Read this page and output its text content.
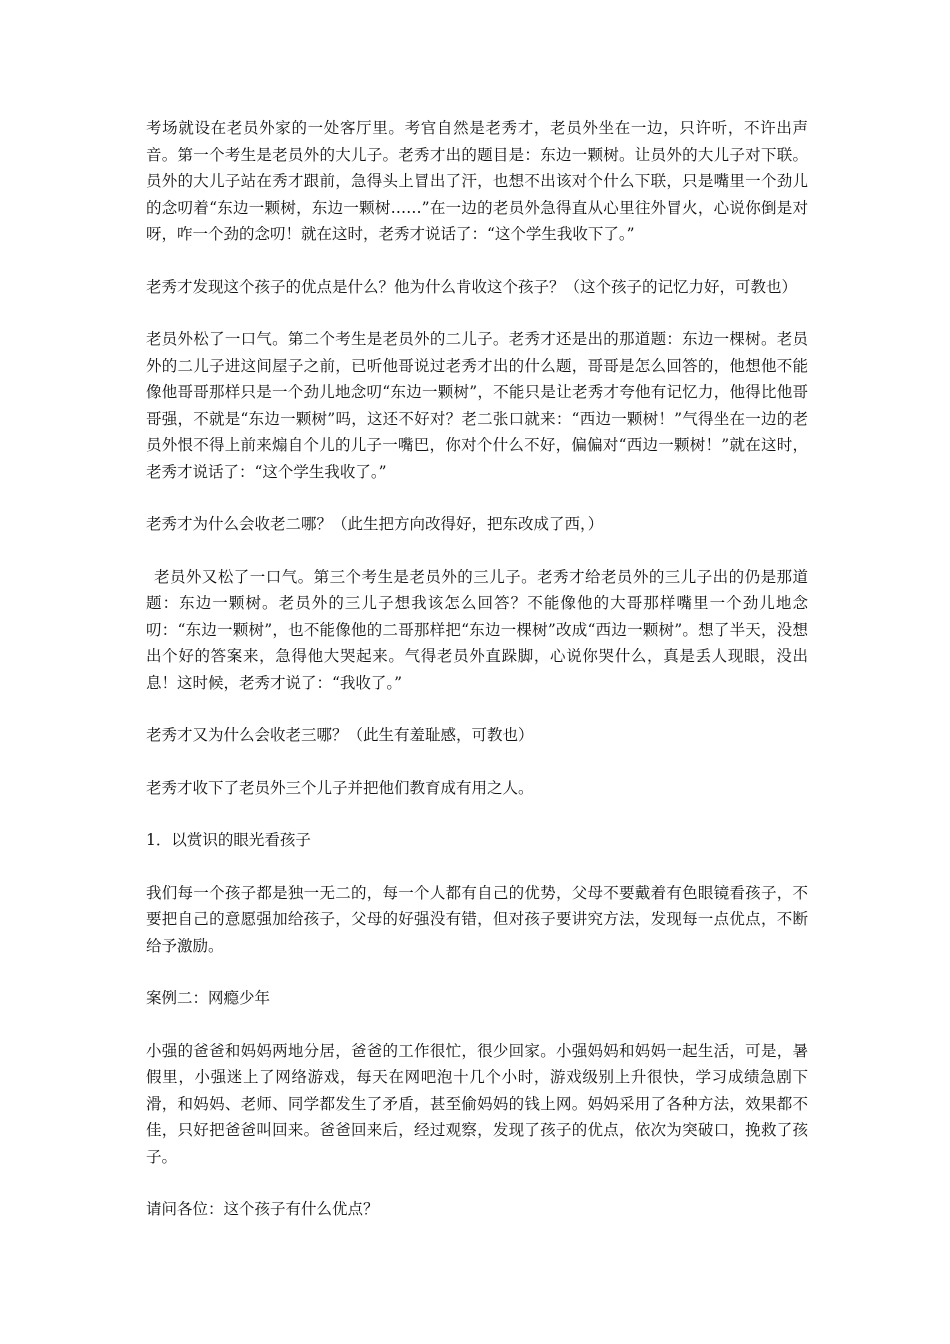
考场就设在老员外家的一处客厅里。考官自然是老秀才，老员外坐在一边，只许听，不许出声音。第一个考生是老员外的大儿子。老秀才出的题目是：东边一颗树。让员外的大儿子对下联。员外的大儿子站在秀才跟前，急得头上冒出了汗，也想不出该对个什么下联，只是嘴里一个劲儿的念叨着“东边一颗树，东边一颗树……”在一边的老员外急得直从心里往外冒火，心说你倒是对呀，咋一个劲的念叨！就在这时，老秀才说话了：“这个学生我收下了。”

老秀才发现这个孩子的优点是什么？他为什么肯收这个孩子？（这个孩子的记忆力好，可教也）

老员外松了一口气。第二个考生是老员外的二儿子。老秀才还是出的那道题：东边一棵树。老员外的二儿子进这间屋子之前，已听他哥说过老秀才出的什么题，哥哥是怎么回答的，他想他不能像他哥哥那样只是一个劲儿地念叨“东边一颗树”，不能只是让老秀才夸他有记忆力，他得比他哥哥强，不就是“东边一颗树”吗，这还不好对？老二张口就来：“西边一颗树！”气得坐在一边的老员外恨不得上前来煽自个儿的儿子一嘴巴，你对个什么不好，偏偏对“西边一颗树！”就在这时，老秀才说话了：“这个学生我收了。”

老秀才为什么会收老二哪？（此生把方向改得好，把东改成了西，）

老员外又松了一口气。第三个考生是老员外的三儿子。老秀才给老员外的三儿子出的仍是那道题：东边一颗树。老员外的三儿子想我该怎么回答？不能像他的大哥那样嘴里一个劲儿地念叨：“东边一颗树”，也不能像他的二哥那样把“东边一棵树”改成“西边一颗树”。想了半天，没想出个好的答案来，急得他大哭起来。气得老员外直跺脚，心说你哭什么，真是丢人现眼，没出息！这时候，老秀才说了：“我收了。”

老秀才又为什么会收老三哪？（此生有羞耻感，可教也）

老秀才收下了老员外三个儿子并把他们教育成有用之人。

1．以赏识的眼光看孩子

我们每一个孩子都是独一无二的，每一个人都有自己的优势，父母不要戴着有色眼镜看孩子，不要把自己的意愿强加给孩子，父母的好强没有错，但对孩子要讲究方法，发现每一点优点，不断给予激励。

案例二：网瘾少年

小强的爸爸和妈妈两地分居，爸爸的工作很忙，很少回家。小强妈妈和妈妈一起生活，可是，暑假里，小强迷上了网络游戏，每天在网吧泡十几个小时，游戏级别上升很快，学习成绩急剧下滑，和妈妈、老师、同学都发生了矛盾，甚至偷妈妈的钱上网。妈妈采用了各种方法，效果都不佳，只好把爸爸叫回来。爸爸回来后，经过观察，发现了孩子的优点，依次为突破口，挽救了孩子。

请问各位：这个孩子有什么优点？
